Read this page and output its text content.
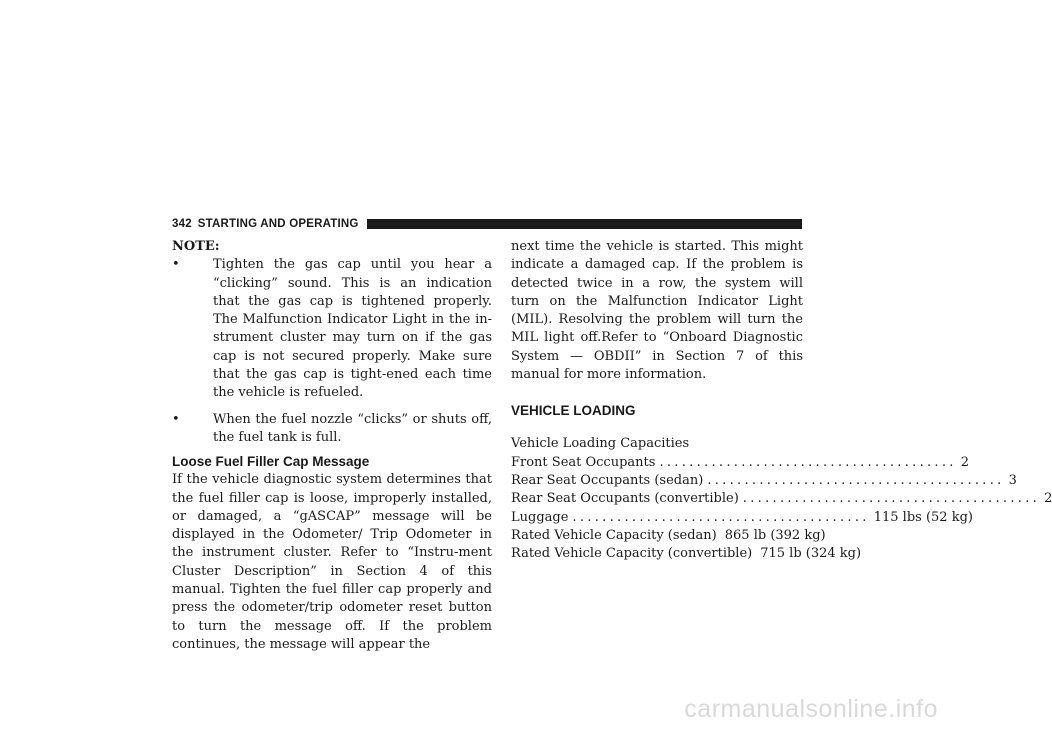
342 STARTING AND OPERATING
NOTE:
•	Tighten the gas cap until you hear a “clicking” sound. This is an indication that the gas cap is tightened properly. The Malfunction Indicator Light in the in-strument cluster may turn on if the gas cap is not secured properly. Make sure that the gas cap is tight-ened each time the vehicle is refueled.
•	When the fuel nozzle “clicks” or shuts off, the fuel tank is full.
Loose Fuel Filler Cap Message
If the vehicle diagnostic system determines that the fuel filler cap is loose, improperly installed, or damaged, a “gASCAP” message will be displayed in the Odometer/ Trip Odometer in the instrument cluster. Refer to “Instru-ment Cluster Description” in Section 4 of this manual. Tighten the fuel filler cap properly and press the odometer/trip odometer reset button to turn the message off. If the problem continues, the message will appear the
next time the vehicle is started. This might indicate a damaged cap. If the problem is detected twice in a row, the system will turn on the Malfunction Indicator Light (MIL). Resolving the problem will turn the MIL light off.Refer to “Onboard Diagnostic System — OBDII” in Section 7 of this manual for more information.
VEHICLE LOADING
Vehicle Loading Capacities
Front Seat Occupants ........................................ 2
Rear Seat Occupants (sedan) ........................................ 3
Rear Seat Occupants (convertible) ........................................ 2
Luggage ........................................ 115 lbs (52 kg)
Rated Vehicle Capacity (sedan) 865 lb (392 kg)
Rated Vehicle Capacity (convertible) 715 lb (324 kg)
carmanualsonline.info
